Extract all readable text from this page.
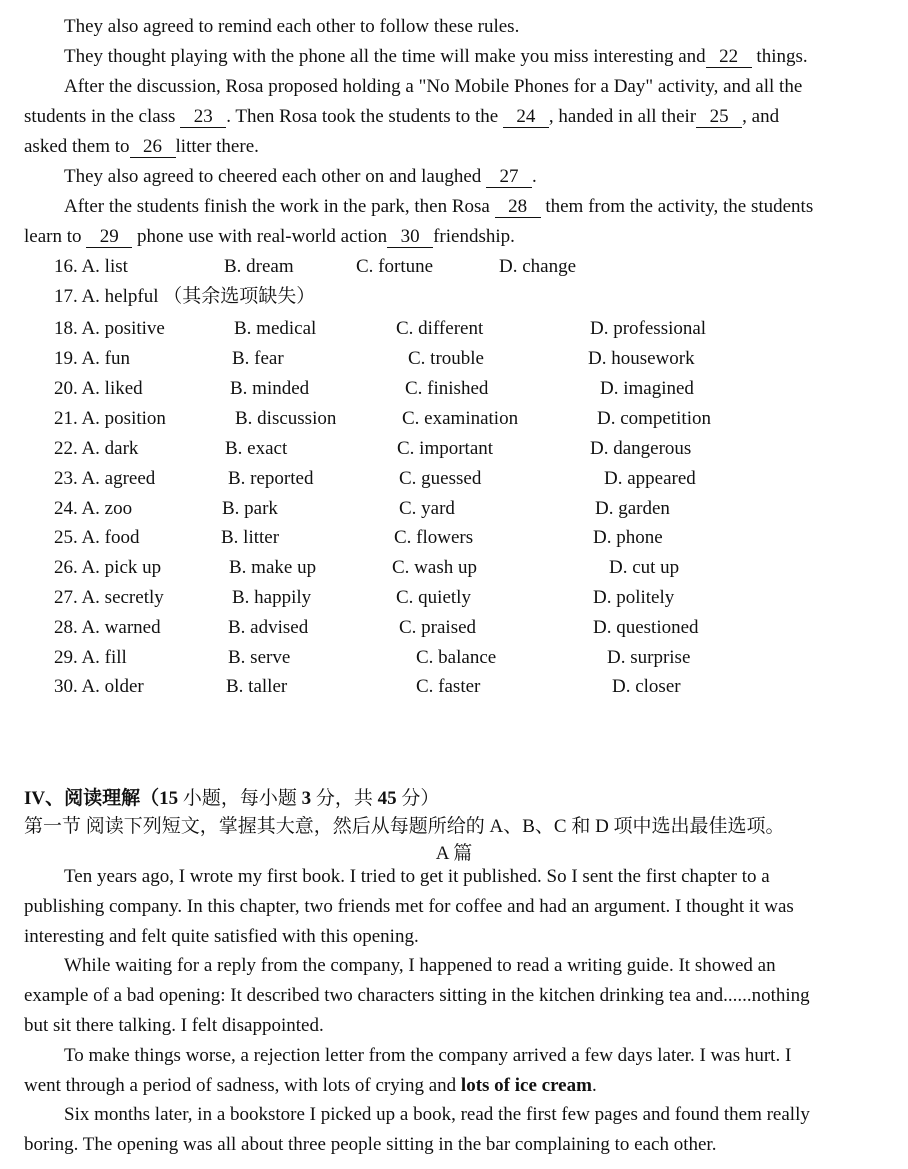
They also agreed to remind each other to follow these rules.
They thought playing with the phone all the time will make you miss interesting and 22 things.
After the discussion, Rosa proposed holding a "No Mobile Phones for a Day" activity, and all the
students in the class 23 . Then Rosa took the students to the 24 , handed in all their 25 , and
asked them to 26 litter there.
They also agreed to cheered each other on and laughed 27 .
After the students finish the work in the park, then Rosa 28 them from the activity, the students
learn to 29 phone use with real-world action 30 friendship.
16. A. list	B. dream	C. fortune	D. change
17. A. helpful （其余选项缺失）
18. A. positive	B. medical	C. different	D. professional
19. A. fun	B. fear	C. trouble	D. housework
20. A. liked	B. minded	C. finished	D. imagined
21. A. position	B. discussion	C. examination	D. competition
22. A. dark	B. exact	C. important	D. dangerous
23. A. agreed	B. reported	C. guessed	D. appeared
24. A. zoo	B. park	C. yard	D. garden
25. A. food	B. litter	C. flowers	D. phone
26. A. pick up	B. make up	C. wash up	D. cut up
27. A. secretly	B. happily	C. quietly	D. politely
28. A. warned	B. advised	C. praised	D. questioned
29. A. fill	B. serve	C. balance	D. surprise
30. A. older	B. taller	C. faster	D. closer
IV、阅读理解（15 小题，每小题 3 分，共 45 分）
第一节 阅读下列短文，掌握其大意，然后从每题所给的 A、B、C 和 D 项中选出最佳选项。
A 篇
Ten years ago, I wrote my first book. I tried to get it published. So I sent the first chapter to a
publishing company. In this chapter, two friends met for coffee and had an argument. I thought it was
interesting and felt quite satisfied with this opening.
While waiting for a reply from the company, I happened to read a writing guide. It showed an
example of a bad opening: It described two characters sitting in the kitchen drinking tea and......nothing
but sit there talking. I felt disappointed.
To make things worse, a rejection letter from the company arrived a few days later. I was hurt. I
went through a period of sadness, with lots of crying and lots of ice cream.
Six months later, in a bookstore I picked up a book, read the first few pages and found them really
boring. The opening was all about three people sitting in the bar complaining to each other.
